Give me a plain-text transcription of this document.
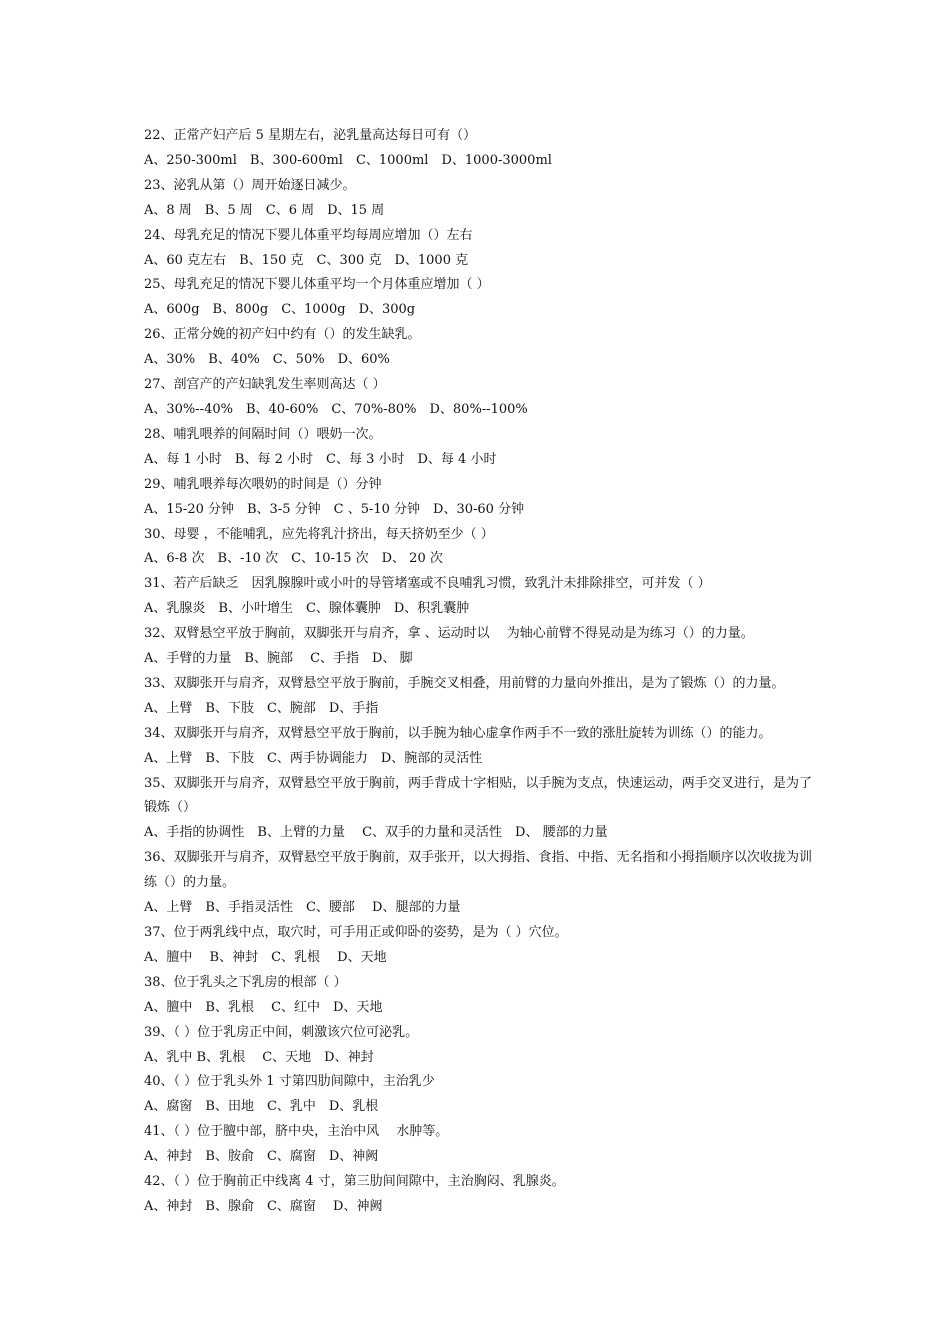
22、正常产妇产后 5 星期左右，泌乳量高达每日可有（）
A、250-300ml　B、300-600ml　C、1000ml　D、1000-3000ml
23、泌乳从第（）周开始逐日减少。
A、8 周　B、5 周　C、6 周　D、15 周
24、母乳充足的情况下婴儿体重平均每周应增加（）左右
A、60 克左右　B、150 克　C、300 克　D、1000 克
25、母乳充足的情况下婴儿体重平均一个月体重应增加（ ）
A、600g　B、800g　C、1000g　D、300g
26、正常分娩的初产妇中约有（）的发生缺乳。
A、30%　B、40%　C、50%　D、60%
27、剖宫产的产妇缺乳发生率则高达（ ）
A、30%--40%　B、40-60%　C、70%-80%　D、80%--100%
28、哺乳喂养的间隔时间（）喂奶一次。
A、每 1 小时　B、每 2 小时　C、每 3 小时　D、每 4 小时
29、哺乳喂养每次喂奶的时间是（）分钟
A、15-20 分钟　B、3-5 分钟　C 、5-10 分钟　D、30-60 分钟
30、母婴 ，不能哺乳，应先将乳汁挤出，每天挤奶至少（ ）
A、6-8 次　B、-10 次　C、10-15 次　D、 20 次
31、若产后缺乏　因乳腺腺叶或小叶的导管堵塞或不良哺乳习惯，致乳汁未排除排空，可并发（ ）
A、乳腺炎　B、小叶增生　C、腺体囊肿　D、积乳囊肿
32、双臂悬空平放于胸前，双脚张开与肩齐，拿 、运动时以　 为轴心前臂不得晃动是为练习（）的力量。
A、手臂的力量　B、腕部　 C、手指　D、 脚
33、双脚张开与肩齐，双臂悬空平放于胸前，手腕交叉相叠，用前臂的力量向外推出，是为了锻炼（）的力量。
A、上臂　B、下肢　C、腕部　D、手指
34、双脚张开与肩齐，双臂悬空平放于胸前，以手腕为轴心虚拿作两手不一致的涨肚旋转为训练（）的能力。
A、上臂　B、下肢　C、两手协调能力　D、腕部的灵活性
35、双脚张开与肩齐，双臂悬空平放于胸前，两手背成十字相贴，以手腕为支点，快速运动，两手交叉进行，是为了锻炼（）
A、手指的协调性　B、上臂的力量　 C、双手的力量和灵活性　D、 腰部的力量
36、双脚张开与肩齐，双臂悬空平放于胸前，双手张开，以大拇指、食指、中指、无名指和小拇指顺序以次收拢为训练（）的力量。
A、上臂　B、手指灵活性　C、腰部　 D、腿部的力量
37、位于两乳线中点，取穴时，可手用正或仰卧的姿势，是为（ ）穴位。
A、膻中　 B、神封　C、乳根　 D、天地
38、位于乳头之下乳房的根部（ ）
A、膻中　B、乳根　 C、红中　D、天地
39、（ ）位于乳房正中间，刺激该穴位可泌乳。
A、乳中 B、乳根　 C、天地　D、神封
40、（ ）位于乳头外 1 寸第四肋间隙中，主治乳少
A、腐窗　B、田地　C、乳中　D、乳根
41、（ ）位于膻中部，脐中央，主治中风　 水肿等。
A、神封　B、胺俞　C、腐窗　D、神阙
42、（ ）位于胸前正中线离 4 寸，第三肋间间隙中，主治胸闷、乳腺炎。
A、神封　B、腺俞　C、腐窗　 D、神阙
